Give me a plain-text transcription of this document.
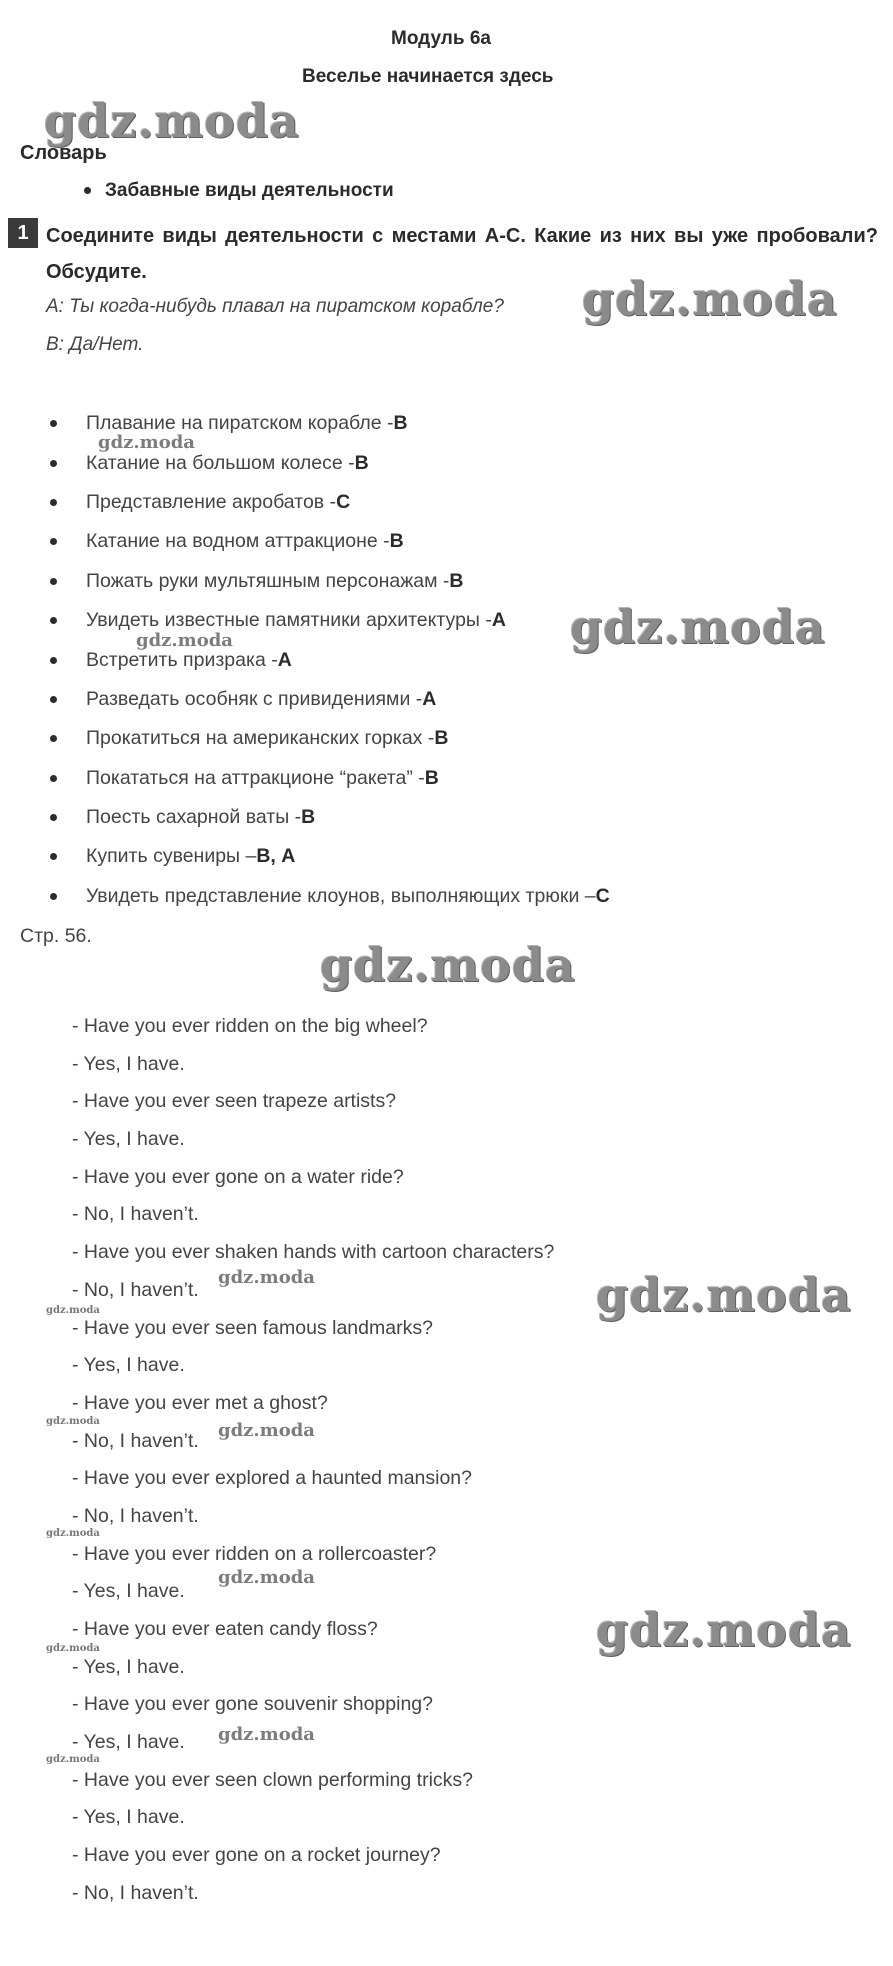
Модуль 6а
Веселье начинается здесь
Словарь
Забавные виды деятельности
1 Соедините виды деятельности с местами А-С. Какие из них вы уже пробовали? Обсудите.
А: Ты когда-нибудь плавал на пиратском корабле?
В: Да/Нет.
Плавание на пиратском корабле - В
Катание на большом колесе - В
Представление акробатов - С
Катание на водном аттракционе - В
Пожать руки мультяшным персонажам - В
Увидеть известные памятники архитектуры - А
Встретить призрака - А
Разведать особняк с привидениями - А
Прокатиться на американских горках - В
Покататься на аттракционе “ракета” - В
Поесть сахарной ваты - В
Купить сувениры – В, А
Увидеть представление клоунов, выполняющих трюки – С
Стр. 56.
- Have you ever ridden on the big wheel?
- Yes, I have.
- Have you ever seen trapeze artists?
- Yes, I have.
- Have you ever gone on a water ride?
- No, I haven’t.
- Have you ever shaken hands with cartoon characters?
- No, I haven’t.
- Have you ever seen famous landmarks?
- Yes, I have.
- Have you ever met a ghost?
- No, I haven’t.
- Have you ever explored a haunted mansion?
- No, I haven’t.
- Have you ever ridden on a rollercoaster?
- Yes, I have.
- Have you ever eaten candy floss?
- Yes, I have.
- Have you ever gone souvenir shopping?
- Yes, I have.
- Have you ever seen clown performing tricks?
- Yes, I have.
- Have you ever gone on a rocket journey?
- No, I haven’t.
gdz.moda
gdz.moda
gdz.moda
gdz.moda
gdz.moda
gdz.moda
gdz.moda	gdz.moda
gdz.moda
gdz.moda	gdz.moda
gdz.moda
gdz.moda
gdz.moda
gdz.moda
gdz.moda
gdz.moda
